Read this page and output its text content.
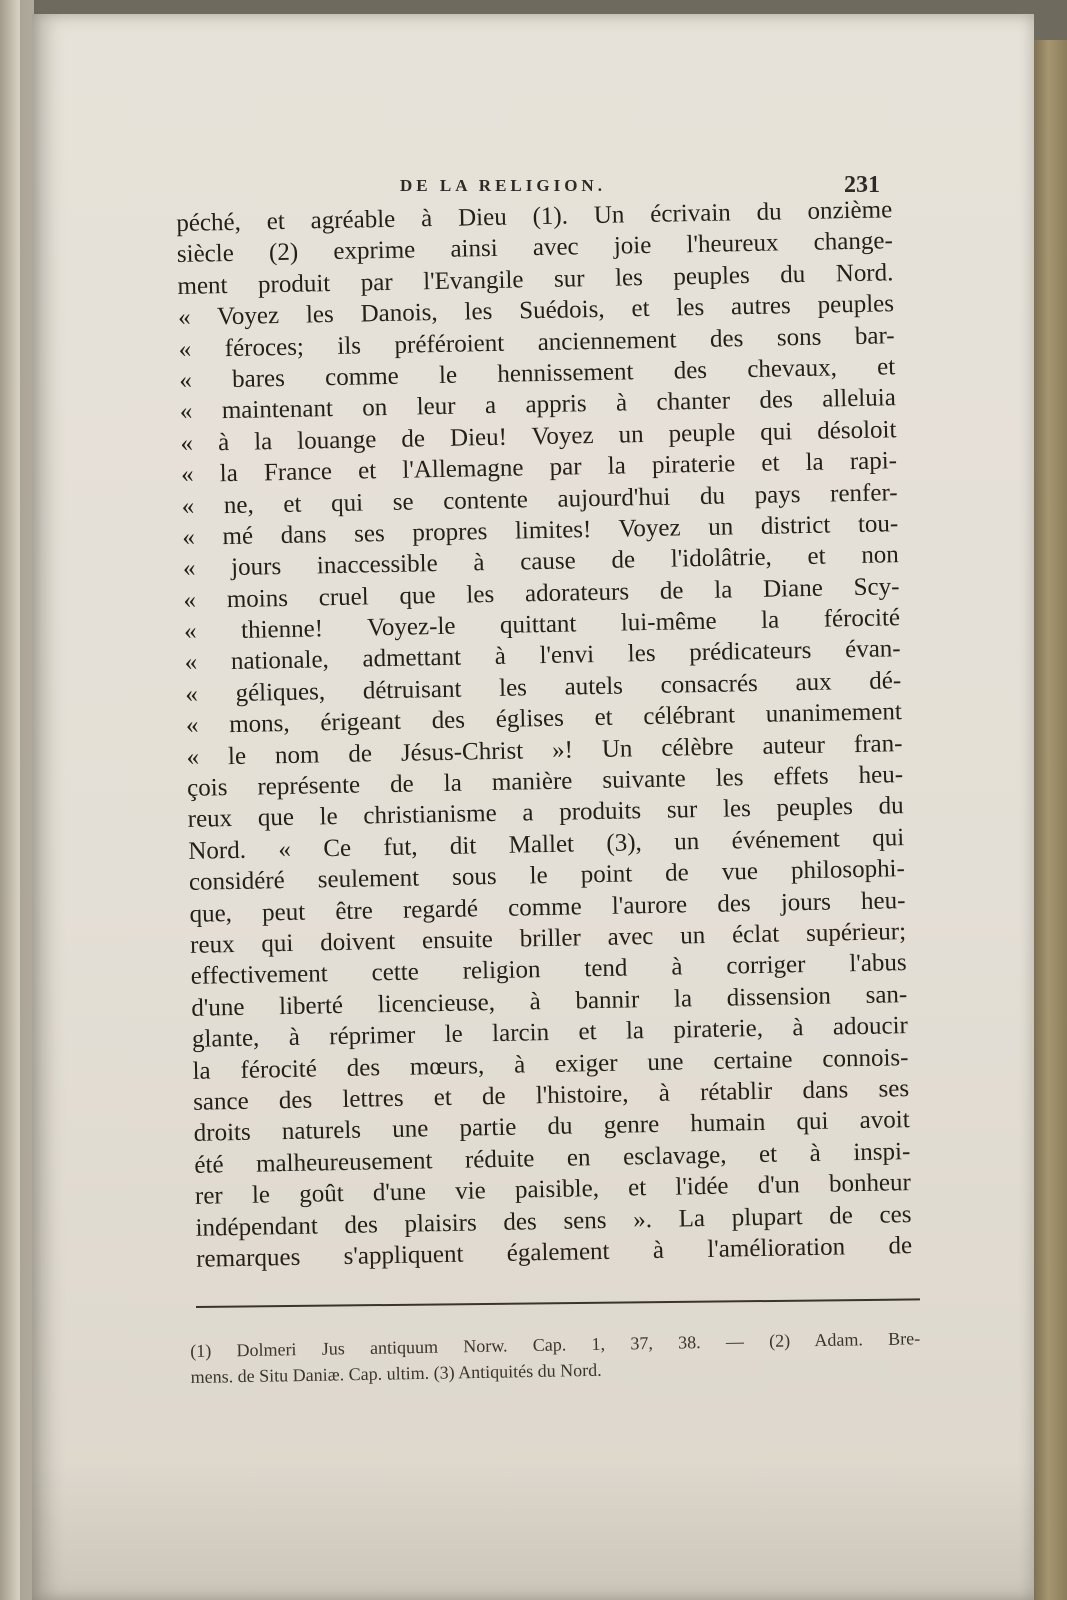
DE LA RELIGION.	231
péché, et agréable à Dieu (1). Un écrivain du onzième
siècle (2) exprime ainsi avec joie l'heureux change-
ment produit par l'Evangile sur les peuples du Nord.
« Voyez les Danois, les Suédois, et les autres peuples
« féroces; ils préféroient anciennement des sons bar-
« bares comme le hennissement des chevaux, et
« maintenant on leur a appris à chanter des alleluia
« à la louange de Dieu! Voyez un peuple qui désoloit
« la France et l'Allemagne par la piraterie et la rapi-
« ne, et qui se contente aujourd'hui du pays renfer-
« mé dans ses propres limites! Voyez un district tou-
« jours inaccessible à cause de l'idolâtrie, et non
« moins cruel que les adorateurs de la Diane Scy-
« thienne! Voyez-le quittant lui-même la férocité
« nationale, admettant à l'envi les prédicateurs évan-
« géliques, détruisant les autels consacrés aux dé-
« mons, érigeant des églises et célébrant unanimement
« le nom de Jésus-Christ »! Un célèbre auteur fran-
çois représente de la manière suivante les effets heu-
reux que le christianisme a produits sur les peuples du
Nord. « Ce fut, dit Mallet (3), un événement qui
considéré seulement sous le point de vue philosophi-
que, peut être regardé comme l'aurore des jours heu-
reux qui doivent ensuite briller avec un éclat supérieur;
effectivement cette religion tend à corriger l'abus
d'une liberté licencieuse, à bannir la dissension san-
glante, à réprimer le larcin et la piraterie, à adoucir
la férocité des mœurs, à exiger une certaine connois-
sance des lettres et de l'histoire, à rétablir dans ses
droits naturels une partie du genre humain qui avoit
été malheureusement réduite en esclavage, et à inspi-
rer le goût d'une vie paisible, et l'idée d'un bonheur
indépendant des plaisirs des sens ». La plupart de ces
remarques s'appliquent également à l'amélioration de
(1) Dolmeri Jus antiquum Norw. Cap. 1, 37, 38. — (2) Adam. Bre-
mens. de Situ Daniæ. Cap. ultim. (3) Antiquités du Nord.
